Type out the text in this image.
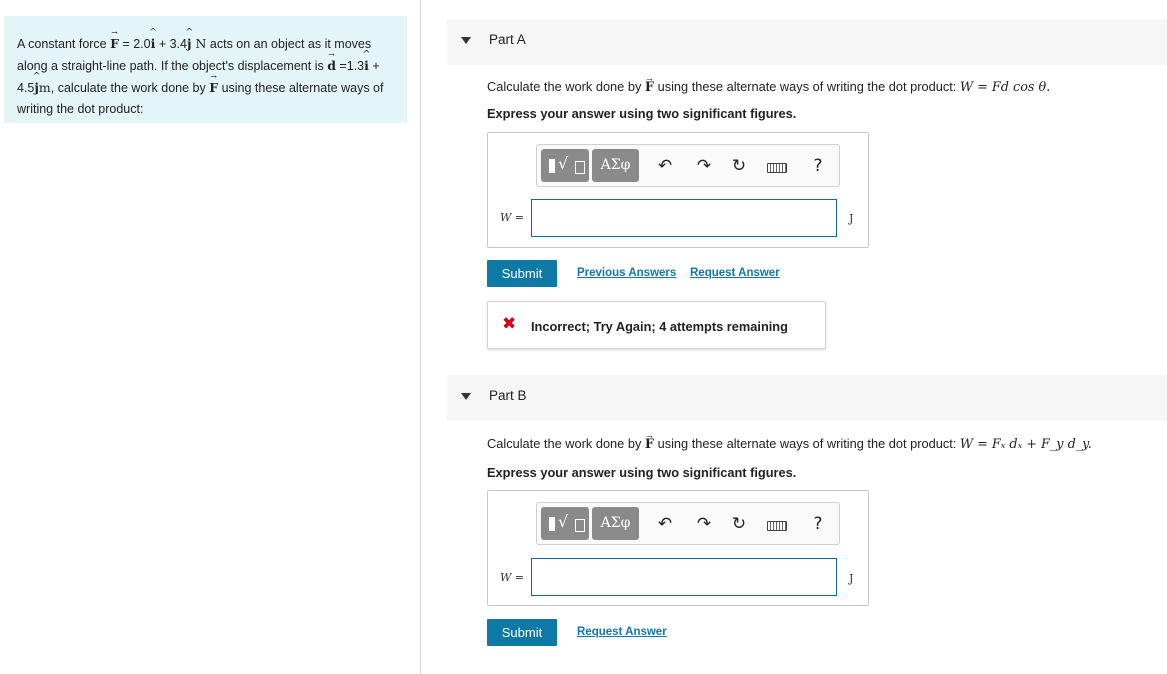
A constant force → F = 2.0^ i + 3.4^ j N acts on an object as it moves along a straight-line path. If the object's displacement is → d =1.3^ i + 4.5^ jm, calculate the work done by → F using these alternate ways of writing the dot product:

Part A
Calculate the work done by → F using these alternate ways of writing the dot product: W = Fd cos θ.
Express your answer using two significant figures.
√	ΑΣφ	↶ ↷ ↻	?
W =	J
Submit	Previous Answers Request Answer
✖ Incorrect; Try Again; 4 attempts remaining
Part B
Calculate the work done by → F using these alternate ways of writing the dot product: W = Fₓ dₓ + F_y d_y.
Express your answer using two significant figures.
√	ΑΣφ	↶ ↷ ↻	?
W =	J
Submit	Request Answer
